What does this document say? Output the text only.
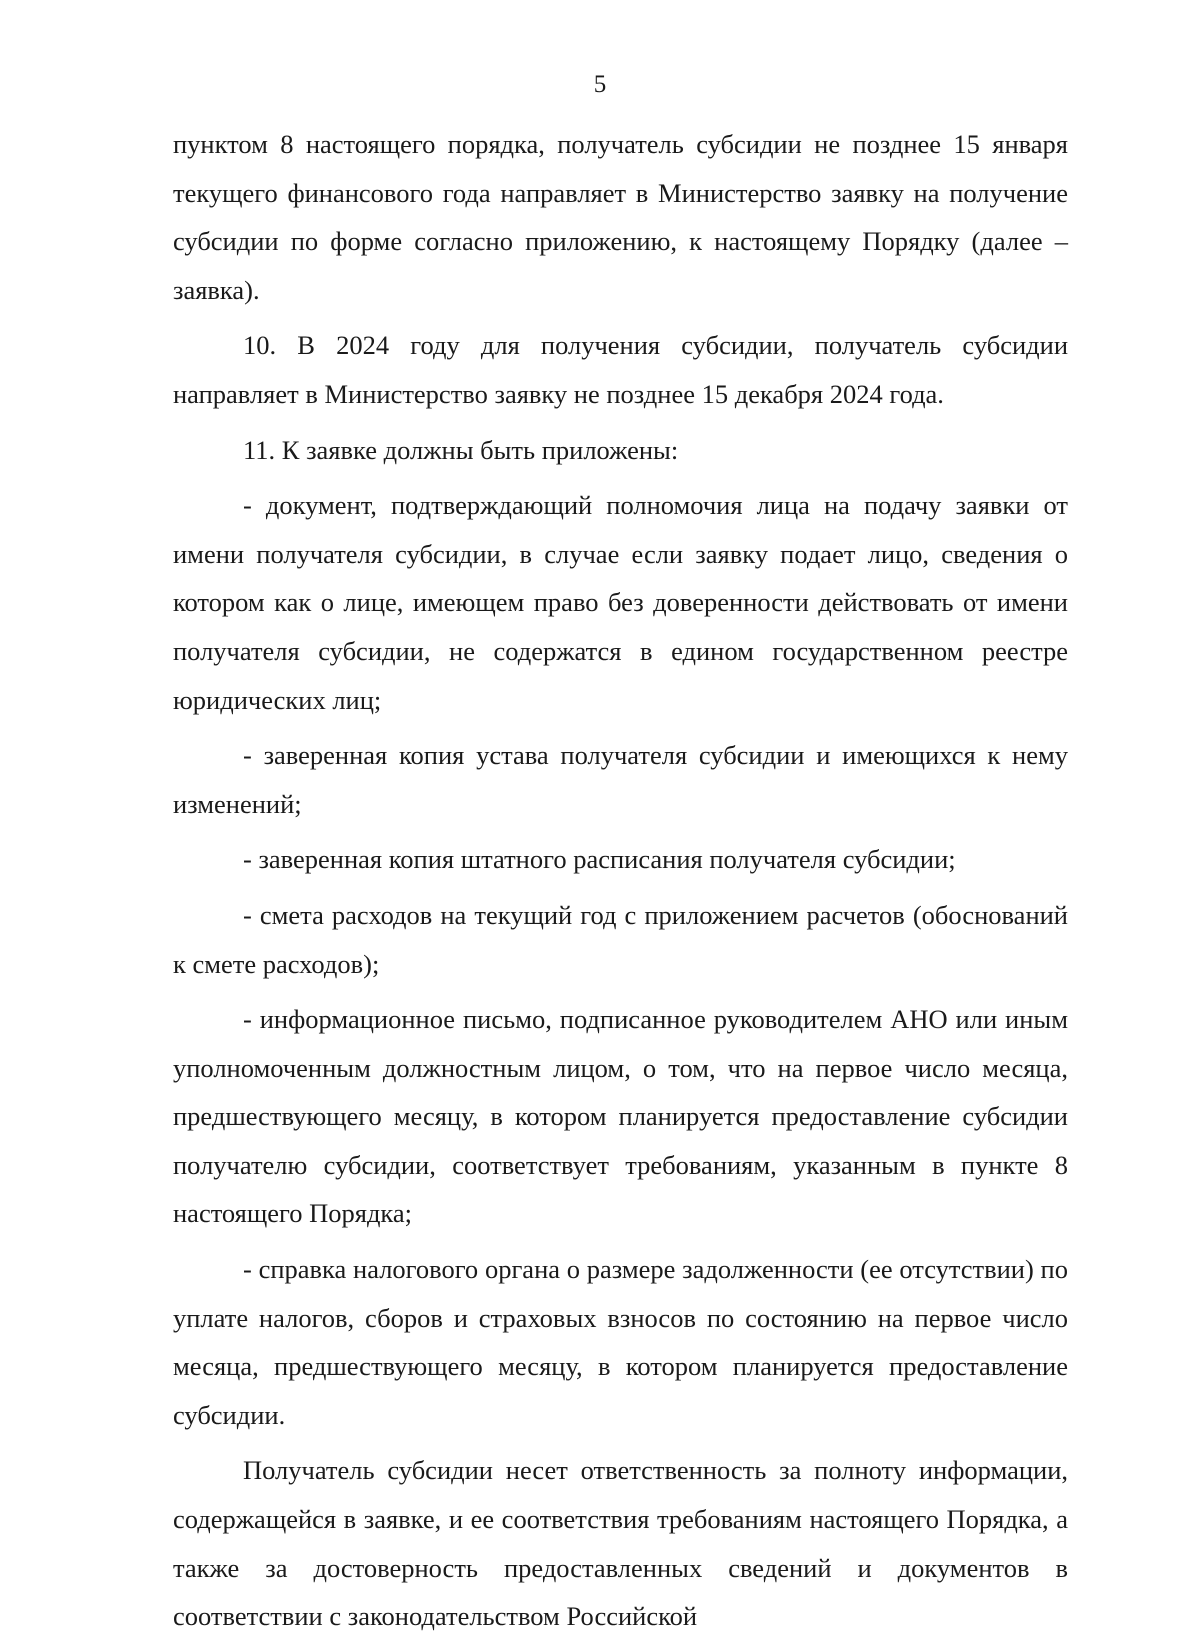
5

пунктом 8 настоящего порядка, получатель субсидии не позднее 15 января текущего финансового года направляет в Министерство заявку на получение субсидии по форме согласно приложению, к настоящему Порядку (далее – заявка).

10. В 2024 году для получения субсидии, получатель субсидии направляет в Министерство заявку не позднее 15 декабря 2024 года.

11. К заявке должны быть приложены:

- документ, подтверждающий полномочия лица на подачу заявки от имени получателя субсидии, в случае если заявку подает лицо, сведения о котором как о лице, имеющем право без доверенности действовать от имени получателя субсидии, не содержатся в едином государственном реестре юридических лиц;

- заверенная копия устава получателя субсидии и имеющихся к нему изменений;

- заверенная копия штатного расписания получателя субсидии;

- смета расходов на текущий год с приложением расчетов (обоснований к смете расходов);

- информационное письмо, подписанное руководителем АНО или иным уполномоченным должностным лицом, о том, что на первое число месяца, предшествующего месяцу, в котором планируется предоставление субсидии получателю субсидии, соответствует требованиям, указанным в пункте 8 настоящего Порядка;

- справка налогового органа о размере задолженности (ее отсутствии) по уплате налогов, сборов и страховых взносов по состоянию на первое число месяца, предшествующего месяцу, в котором планируется предоставление субсидии.

Получатель субсидии несет ответственность за полноту информации, содержащейся в заявке, и ее соответствия требованиям настоящего Порядка, а также за достоверность предоставленных сведений и документов в соответствии с законодательством Российской
